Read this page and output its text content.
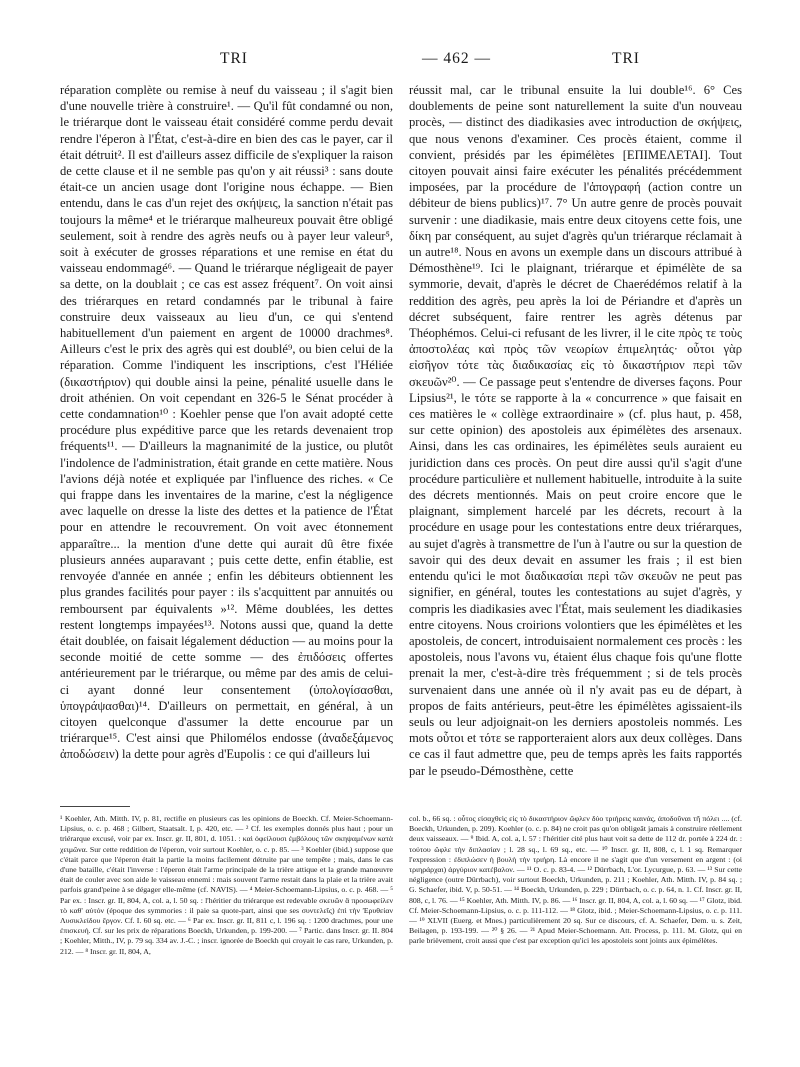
TRI	— 462 —	TRI

réparation complète ou remise à neuf du vaisseau ; il s'agit bien d'une nouvelle trière à construire¹. — Qu'il fût condamné ou non, le triérarque dont le vaisseau était considéré comme perdu devait rendre l'éperon à l'État, c'est-à-dire en bien des cas le payer, car il était détruit². Il est d'ailleurs assez difficile de s'expliquer la raison de cette clause et il ne semble pas qu'on y ait réussi³ : sans doute était-ce un ancien usage dont l'origine nous échappe. — Bien entendu, dans le cas d'un rejet des σκήψεις, la sanction n'était pas toujours la même⁴ et le triérarque malheureux pouvait être obligé seulement, soit à rendre des agrès neufs ou à payer leur valeur⁵, soit à exécuter de grosses réparations et une remise en état du vaisseau endommagé⁶. — Quand le triérarque négligeait de payer sa dette, on la doublait ; ce cas est assez fréquent⁷. On voit ainsi des triérarques en retard condamnés par le tribunal à faire construire deux vaisseaux au lieu d'un, ce qui s'entend habituellement d'un paiement en argent de 10000 drachmes⁸. Ailleurs c'est le prix des agrès qui est doublé⁹, ou bien celui de la réparation. Comme l'indiquent les inscriptions, c'est l'Héliée (δικαστήριον) qui double ainsi la peine, pénalité usuelle dans le droit athénien. On voit cependant en 326-5 le Sénat procéder à cette condamnation¹⁰ : Koehler pense que l'on avait adopté cette procédure plus expéditive parce que les retards devenaient trop fréquents¹¹. — D'ailleurs la magnanimité de la justice, ou plutôt l'indolence de l'administration, était grande en cette matière. Nous l'avions déjà notée et expliquée par l'influence des riches. « Ce qui frappe dans les inventaires de la marine, c'est la négligence avec laquelle on dresse la liste des dettes et la patience de l'État pour en attendre le recouvrement. On voit avec étonnement apparaître... la mention d'une dette qui aurait dû être fixée plusieurs années auparavant ; puis cette dette, enfin établie, est renvoyée d'année en année ; enfin les débiteurs obtiennent les plus grandes facilités pour payer : ils s'acquittent par annuités ou remboursent par équivalents »¹². Même doublées, les dettes restent longtemps impayées¹³. Notons aussi que, quand la dette était doublée, on faisait légalement déduction — au moins pour la seconde moitié de cette somme — des ἐπιδόσεις offertes antérieurement par le triérarque, ou même par des amis de celui-ci ayant donné leur consentement (ὑπολογίσασθαι, ὑπογράψασθαι)¹⁴. D'ailleurs on permettait, en général, à un citoyen quelconque d'assumer la dette encourue par un triérarque¹⁵. C'est ainsi que Philomélos endosse (ἀναδεξάμενος ἀποδώσειν) la dette pour agrès d'Eupolis : ce qui d'ailleurs lui

réussit mal, car le tribunal ensuite la lui double¹⁶. 6° Ces doublements de peine sont naturellement la suite d'un nouveau procès, — distinct des diadikasies avec introduction de σκήψεις, que nous venons d'examiner. Ces procès étaient, comme il convient, présidés par les épimélètes [ΕΠΙΜΕΛΕΤΑΙ]. Tout citoyen pouvait ainsi faire exécuter les pénalités précédemment imposées, par la procédure de l'ἀπογραφή (action contre un débiteur de biens publics)¹⁷. 7° Un autre genre de procès pouvait survenir : une diadikasie, mais entre deux citoyens cette fois, une δίκη par conséquent, au sujet d'agrès qu'un triérarque réclamait à un autre¹⁸. Nous en avons un exemple dans un discours attribué à Démosthène¹⁹. Ici le plaignant, triérarque et épimélète de sa symmorie, devait, d'après le décret de Chaerédémos relatif à la reddition des agrès, peu après la loi de Périandre et d'après un décret subséquent, faire rentrer les agrès détenus par Théophémos. Celui-ci refusant de les livrer, il le cite πρὸς τε τοὺς ἀποστολέας καὶ πρὸς τῶν νεωρίων ἐπιμελητάς· οὗτοι γὰρ εἰσῆγον τότε τὰς διαδικασίας εἰς τὸ δικαστήριον περὶ τῶν σκευῶν²⁰. — Ce passage peut s'entendre de diverses façons. Pour Lipsius²¹, le τότε se rapporte à la « concurrence » que faisait en ces matières le « collège extraordinaire » (cf. plus haut, p. 458, sur cette opinion) des apostoleis aux épimélètes des arsenaux. Ainsi, dans les cas ordinaires, les épimélètes seuls auraient eu juridiction dans ces procès. On peut dire aussi qu'il s'agit d'une procédure particulière et nullement habituelle, introduite à la suite des décrets mentionnés. Mais on peut croire encore que le plaignant, simplement harcelé par les décrets, recourt à la procédure en usage pour les contestations entre deux triérarques, au sujet d'agrès à transmettre de l'un à l'autre ou sur la question de savoir qui des deux devait en assumer les frais ; il est bien entendu qu'ici le mot διαδικασίαι περὶ τῶν σκευῶν ne peut pas signifier, en général, toutes les contestations au sujet d'agrès, y compris les diadikasies avec l'État, mais seulement les diadikasies entre citoyens. Nous croirions volontiers que les épimélètes et les apostoleis, de concert, introduisaient normalement ces procès : les apostoleis, nous l'avons vu, étaient élus chaque fois qu'une flotte prenait la mer, c'est-à-dire très fréquemment ; si de tels procès survenaient dans une année où il n'y avait pas eu de départ, à propos de faits antérieurs, peut-être les épimélètes agissaient-ils seuls ou leur adjoignait-on les derniers apostoleis nommés. Les mots οὗτοι et τότε se rapporteraient alors aux deux collèges. Dans ce cas il faut admettre que, peu de temps après les faits rapportés par le pseudo-Démosthène, cette

¹ Koehler, Ath. Mitth. IV, p. 81, rectifie en plusieurs cas les opinions de Boeckh. Cf. Meier-Schoemann-Lipsius, o. c. p. 468 ; Gilbert, Staatsalt. I, p. 420, etc. — ² Cf. les exemples donnés plus haut ; pour un triérarque excusé, voir par ex. Inscr. gr. II, 801, d. 1051. : καὶ ὀφείλουσι ἐμβόλους τῶν σκηψαμένων κατὰ χειμῶνα. Sur cette reddition de l'éperon, voir surtout Koehler, o. c. p. 85. — ³ Koehler (ibid.) suppose que c'était parce que l'éperon était la partie la moins facilement détruite par une tempête ; mais, dans le cas d'une bataille, c'était l'inverse : l'éperon était l'arme principale de la trière attique et la grande manœuvre était de couler avec son aide le vaisseau ennemi : mais souvent l'arme restait dans la plaie et la trière avait parfois grand'peine à se dégager elle-même (cf. NAVIS). — ⁴ Meier-Schoemann-Lipsius, o. c. p. 468. — ⁵ Par ex. : Inscr. gr. II, 804, A, col. a, l. 50 sq. : l'héritier du triérarque est redevable σκευῶν ἃ προσωφείλεν τὸ καθ' αὐτόν (époque des symmories : il paie sa quote-part, ainsi que ses συντελεῖς) ἐπὶ τὴν Ἐρυθείαν Λυσικλείδου ἔργον. Cf. I. 60 sq. etc. — ⁶ Par ex. Inscr. gr. II, 811 c, l. 196 sq. : 1200 drachmes, pour une ἐπισκευή. Cf. sur les prix de réparations Boeckh, Urkunden, p. 199-200. — ⁷ Partic. dans Inscr. gr. II. 804 ; Koehler, Mitth., IV, p. 79 sq. 334 av. J.-C. ; inscr. ignorée de Boeckh qui croyait le cas rare, Urkunden, p. 212. — ⁸ Inscr. gr. II, 804, A,

col. b., 66 sq. : οὗτος εἰσαχθεὶς εἰς τὸ δικαστήριον ὤφλεν δύο τριήρεις καινάς, ἀποδοῦναι τῆ πόλει .... (cf. Boeckh, Urkunden, p. 209). Koehler (o. c. p. 84) ne croit pas qu'on obligeât jamais à construire réellement deux vaisseaux. — ⁹ Ibid. A, col. a, l. 57 : l'héritier cité plus haut voit sa dette de 112 dr. portée à 224 dr. : τούτου ὤφλε τὴν διπλασίαν ; l. 28 sq., l. 69 sq., etc. — ¹⁰ Inscr. gr. II, 808, c, l. 1 sq. Remarquer l'expression : ἐδιπλώσεν ἡ βουλὴ τὴν τριήρη. Là encore il ne s'agit que d'un versement en argent : (οἱ τριηράρχαι) ἀργύριον κατέβαλον. — ¹¹ O. c. p. 83-4. — ¹² Dürrbach, L'or. Lycurgue, p. 63. — ¹³ Sur cette négligence (outre Dürrbach), voir surtout Boeckh, Urkunden, p. 211 ; Koehler, Ath. Mitth. IV, p. 84 sq. ; G. Schaefer, ibid. V, p. 50-51. — ¹⁴ Boeckh, Urkunden, p. 229 ; Dürrbach, o. c. p. 64, n. 1. Cf. Inscr. gr. II, 808, c, l. 76. — ¹⁵ Koehler, Ath. Mitth. IV, p. 86. — ¹⁶ Inscr. gr. II, 804, A, col. a, l. 60 sq. — ¹⁷ Glotz, ibid. Cf. Meier-Schoemann-Lipsius, o. c. p. 111-112. — ¹⁸ Glotz, ibid. ; Meier-Schoemann-Lipsius, o. c. p. 111. — ¹⁹ XLVII (Euerg. et Mnes.) particulièrement 20 sq. Sur ce discours, cf. A. Schaefer, Dem. u. s. Zeit, Beilagen, p. 193-199. — ²⁰ § 26. — ²¹ Apud Meier-Schoemann. Att. Process, p. 111. M. Glotz, qui en parle brièvement, croit aussi que c'est par exception qu'ici les apostoleis sont joints aux épimélètes.
